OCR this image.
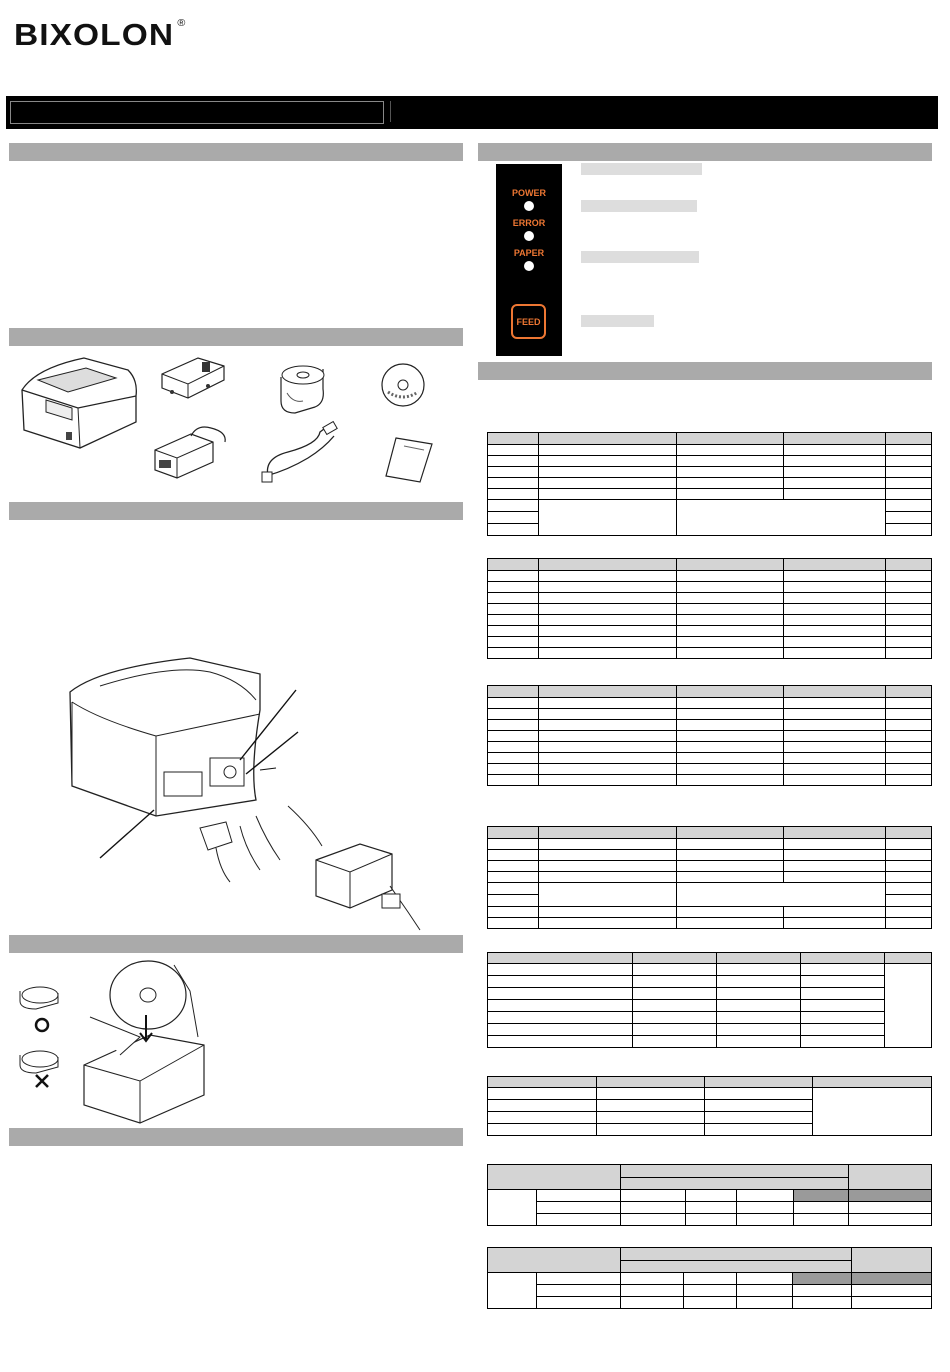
BIXOLON ®
POWER
ERROR
PAPER
FEED
